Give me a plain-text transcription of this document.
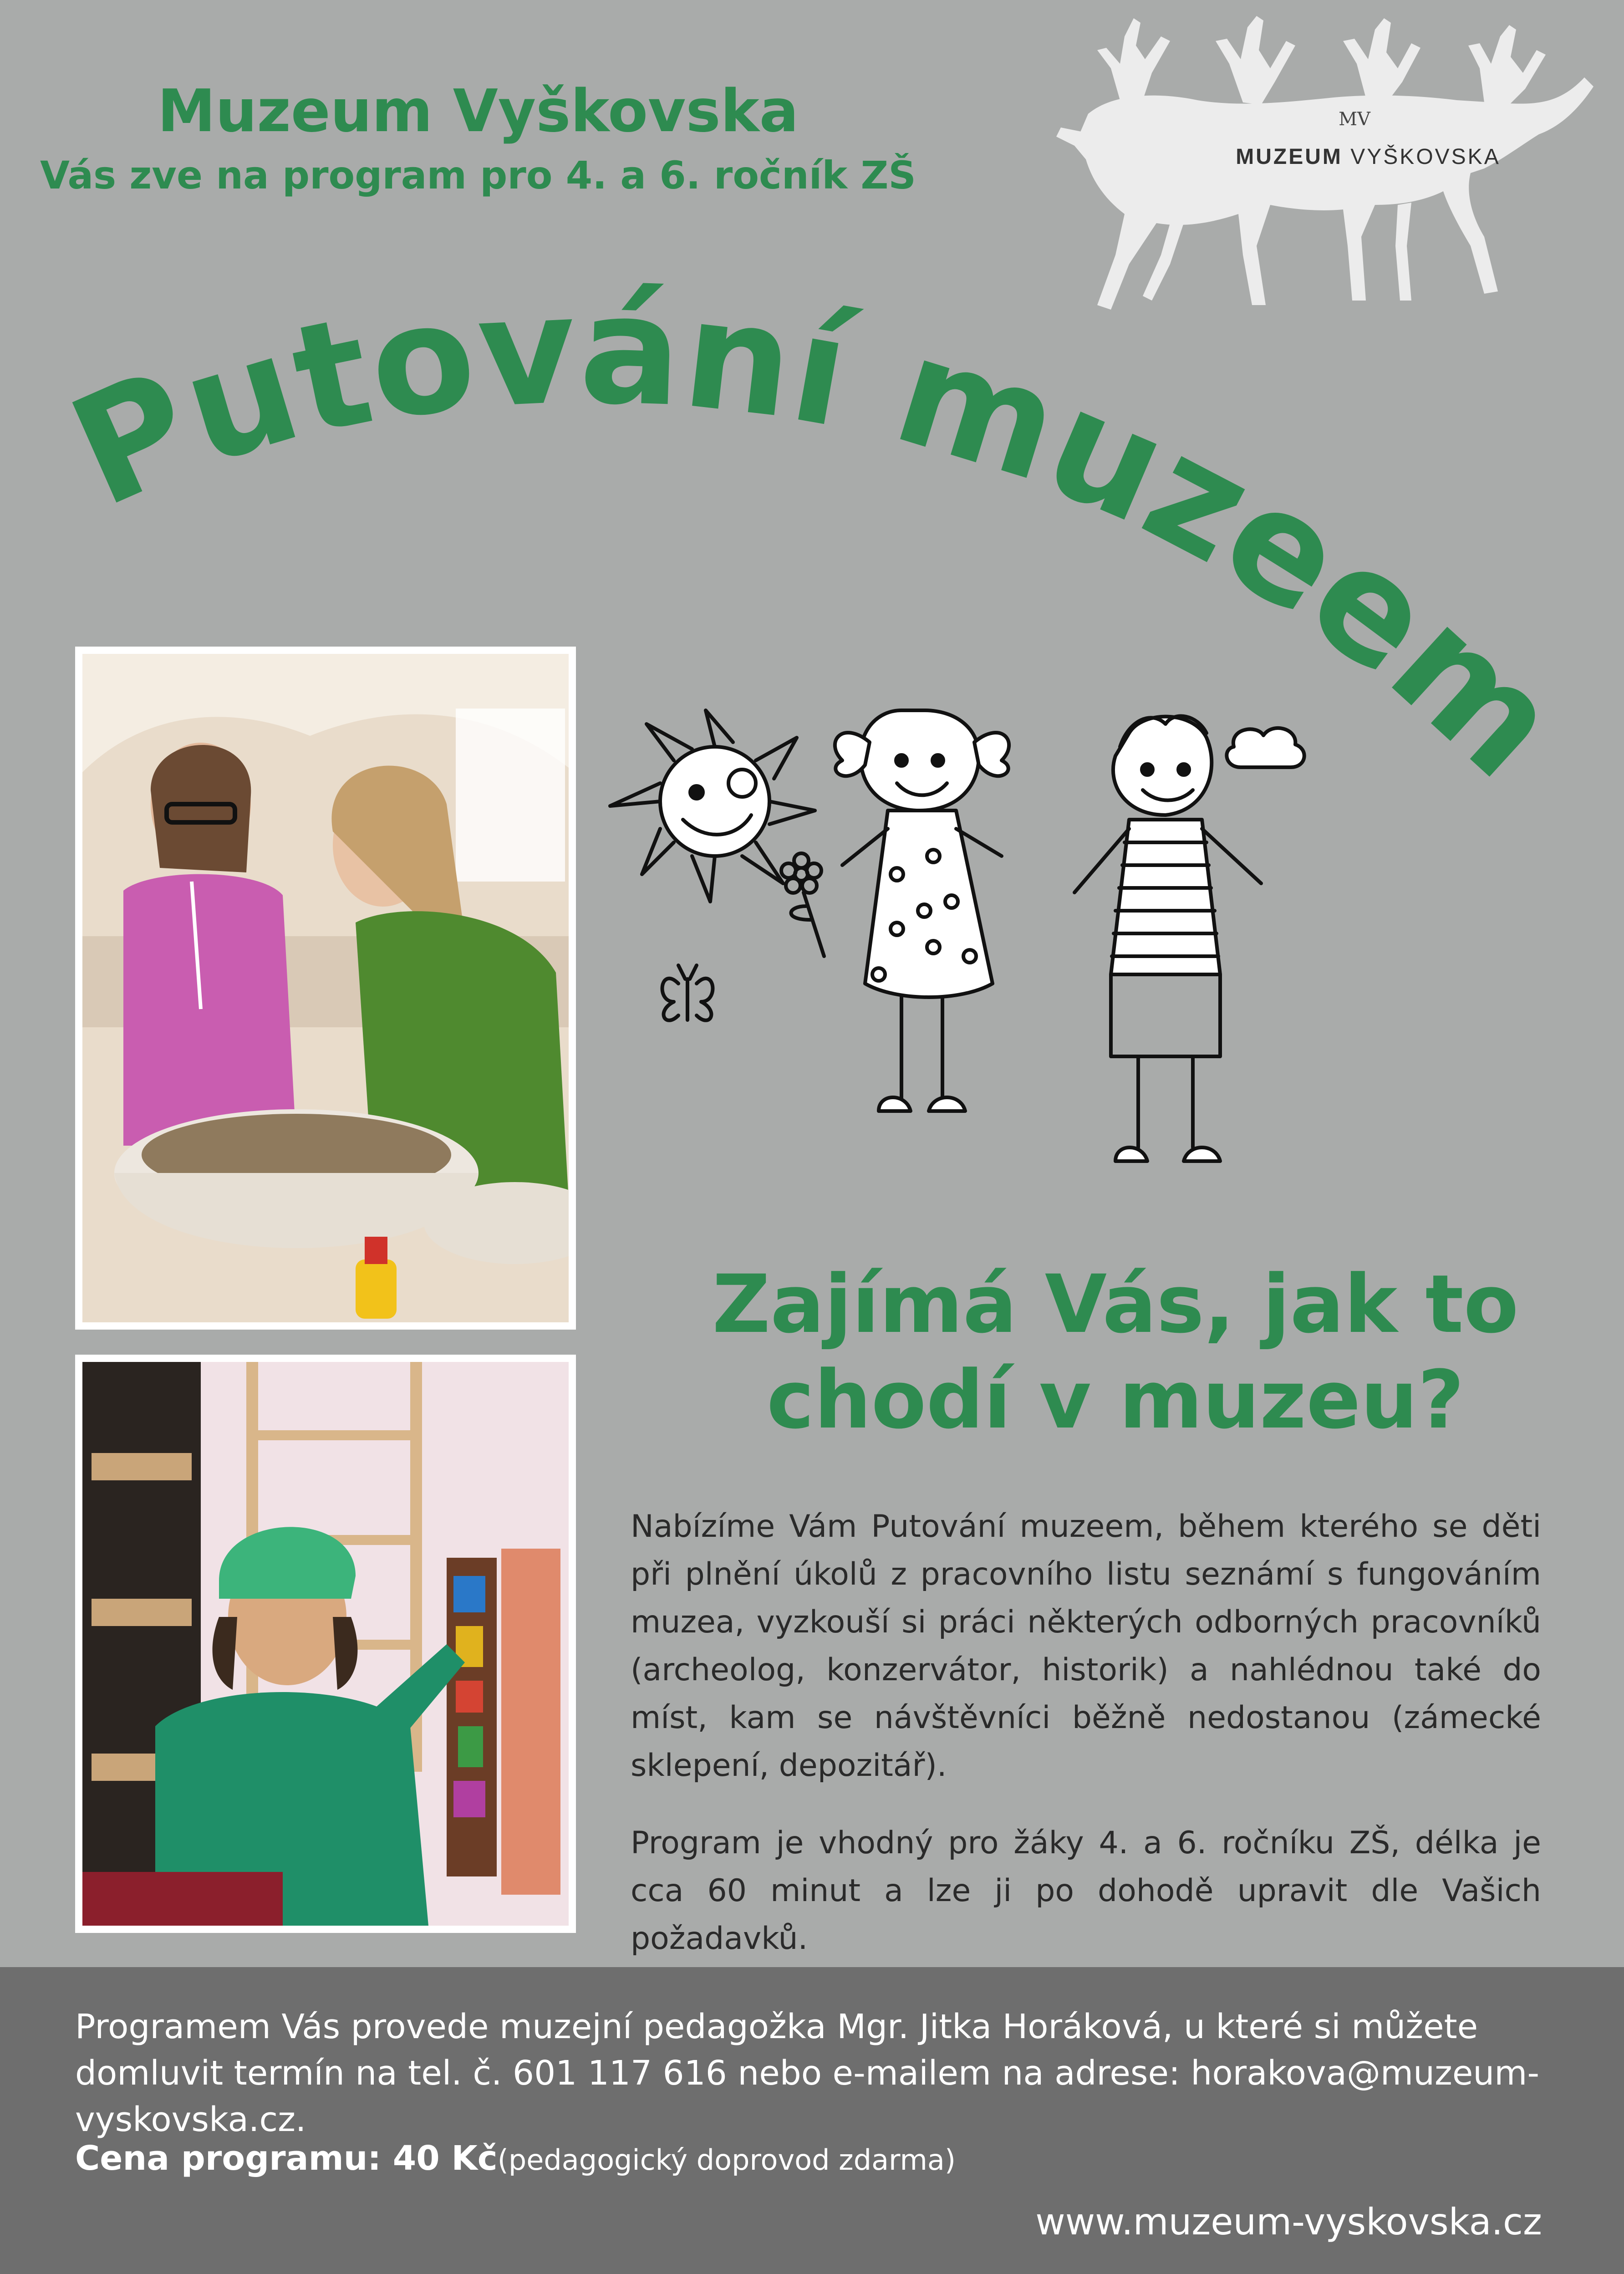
Muzeum Vyškovska
Vás zve na program pro 4. a 6. ročník ZŠ
MV
MUZEUM VYŠKOVSKA
Putování muzeem
Zajímá Vás, jak to
chodí v muzeu?

Nabízíme Vám Putování muzeem, během kterého se děti při plnění úkolů z pracovního listu seznámí s fungováním muzea, vyzkouší si práci některých odborných pracovníků (archeolog, konzervátor, historik) a nahlédnou také do míst, kam se návštěvníci běžně nedostanou (zámecké sklepení, depozitář).

Program je vhodný pro žáky 4. a 6. ročníku ZŠ, délka je cca 60 minut a lze ji po dohodě upravit dle Vašich požadavků.

Programem Vás provede muzejní pedagožka Mgr. Jitka Horáková, u které si můžete domluvit termín na tel. č. 601 117 616 nebo e-mailem na adrese: horakova@muzeum-vyskovska.cz.
Cena programu: 40 Kč(pedagogický doprovod zdarma)
www.muzeum-vyskovska.cz
